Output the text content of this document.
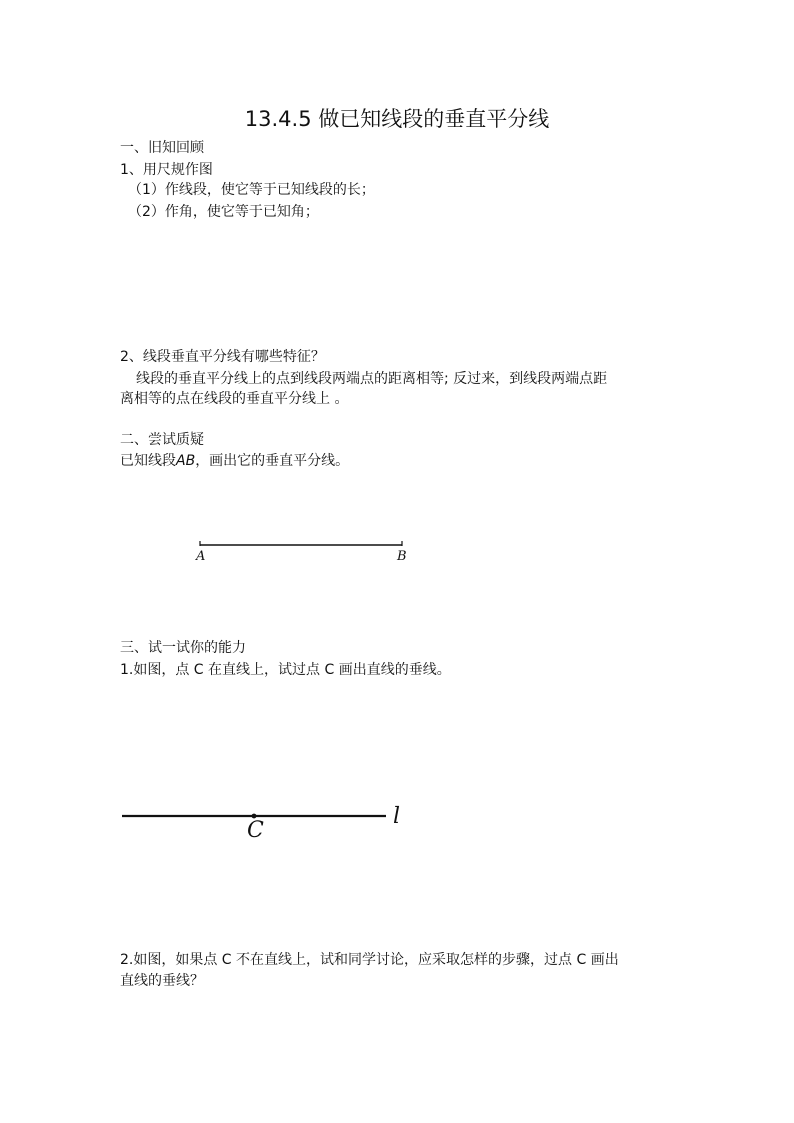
13.4.5 做已知线段的垂直平分线
一、旧知回顾
1、用尺规作图
（1）作线段，使它等于已知线段的长；
（2）作角，使它等于已知角；
2、线段垂直平分线有哪些特征？
线段的垂直平分线上的点到线段两端点的距离相等; 反过来，到线段两端点距
离相等的点在线段的垂直平分线上 。
二、尝试质疑
已知线段AB，画出它的垂直平分线。
A	B
三、试一试你的能力
1.如图，点 C 在直线上，试过点 C 画出直线的垂线。
C
l
2.如图，如果点 C 不在直线上，试和同学讨论，应采取怎样的步骤，过点 C 画出
直线的垂线？
